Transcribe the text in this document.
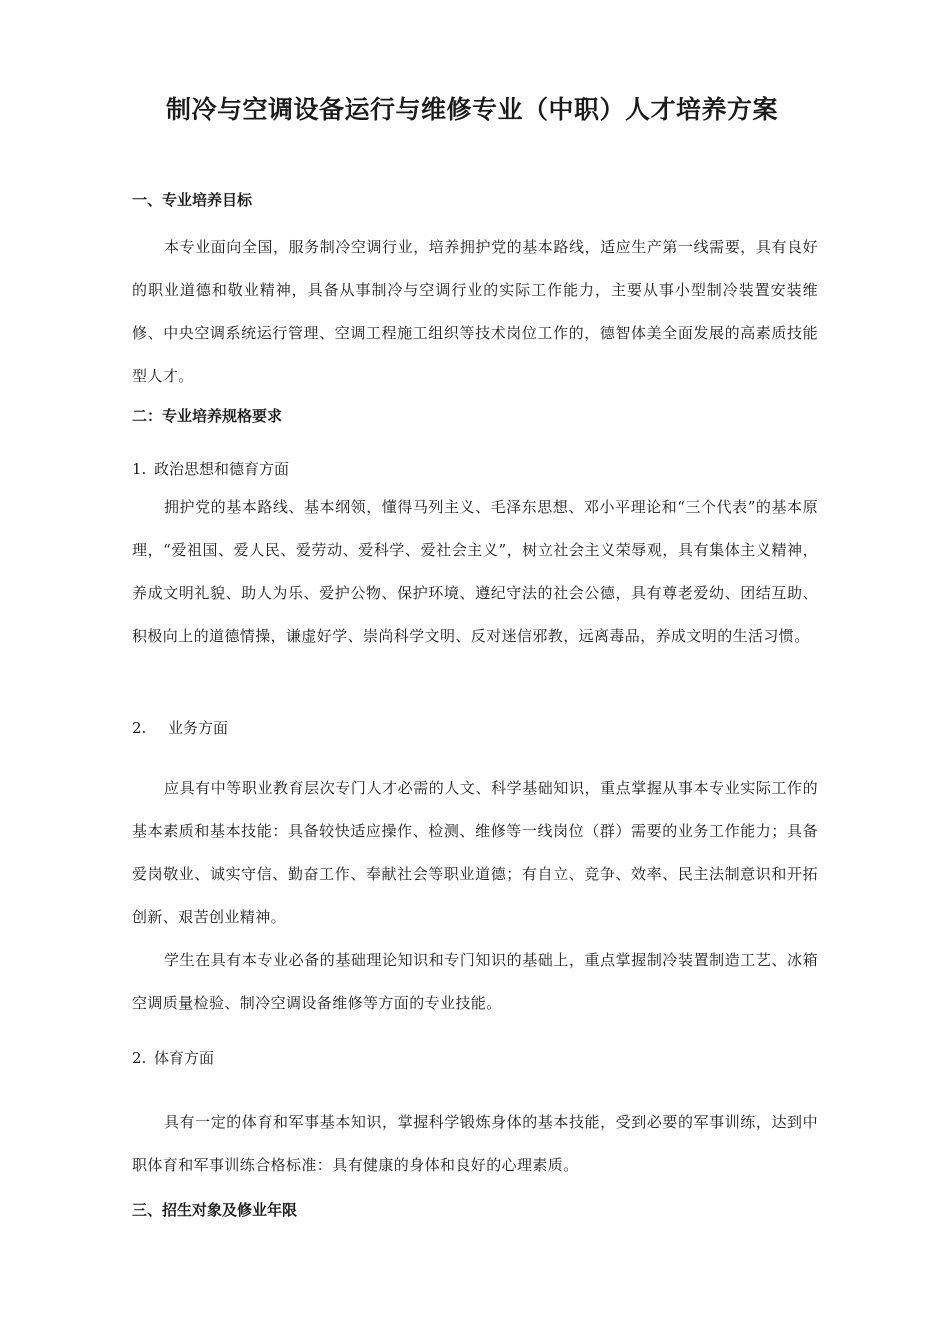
制冷与空调设备运行与维修专业（中职）人才培养方案
一、专业培养目标

本专业面向全国，服务制冷空调行业，培养拥护党的基本路线，适应生产第一线需要，具有良好的职业道德和敬业精神，具备从事制冷与空调行业的实际工作能力，主要从事小型制冷装置安装维修、中央空调系统运行管理、空调工程施工组织等技术岗位工作的，德智体美全面发展的高素质技能型人才。

二：专业培养规格要求
1. 政治思想和德育方面

拥护党的基本路线、基本纲领，懂得马列主义、毛泽东思想、邓小平理论和“三个代表”的基本原理，“爱祖国、爱人民、爱劳动、爱科学、爱社会主义”，树立社会主义荣辱观，具有集体主义精神，养成文明礼貌、助人为乐、爱护公物、保护环境、遵纪守法的社会公德，具有尊老爱幼、团结互助、积极向上的道德情操，谦虚好学、崇尚科学文明、反对迷信邪教，远离毒品，养成文明的生活习惯。

2. 业务方面

应具有中等职业教育层次专门人才必需的人文、科学基础知识，重点掌握从事本专业实际工作的基本素质和基本技能：具备较快适应操作、检测、维修等一线岗位（群）需要的业务工作能力；具备爱岗敬业、诚实守信、勤奋工作、奉献社会等职业道德；有自立、竞争、效率、民主法制意识和开拓创新、艰苦创业精神。

学生在具有本专业必备的基础理论知识和专门知识的基础上，重点掌握制冷装置制造工艺、冰箱空调质量检验、制冷空调设备维修等方面的专业技能。

2. 体育方面

具有一定的体育和军事基本知识，掌握科学锻炼身体的基本技能，受到必要的军事训练，达到中职体育和军事训练合格标准：具有健康的身体和良好的心理素质。

三、招生对象及修业年限
